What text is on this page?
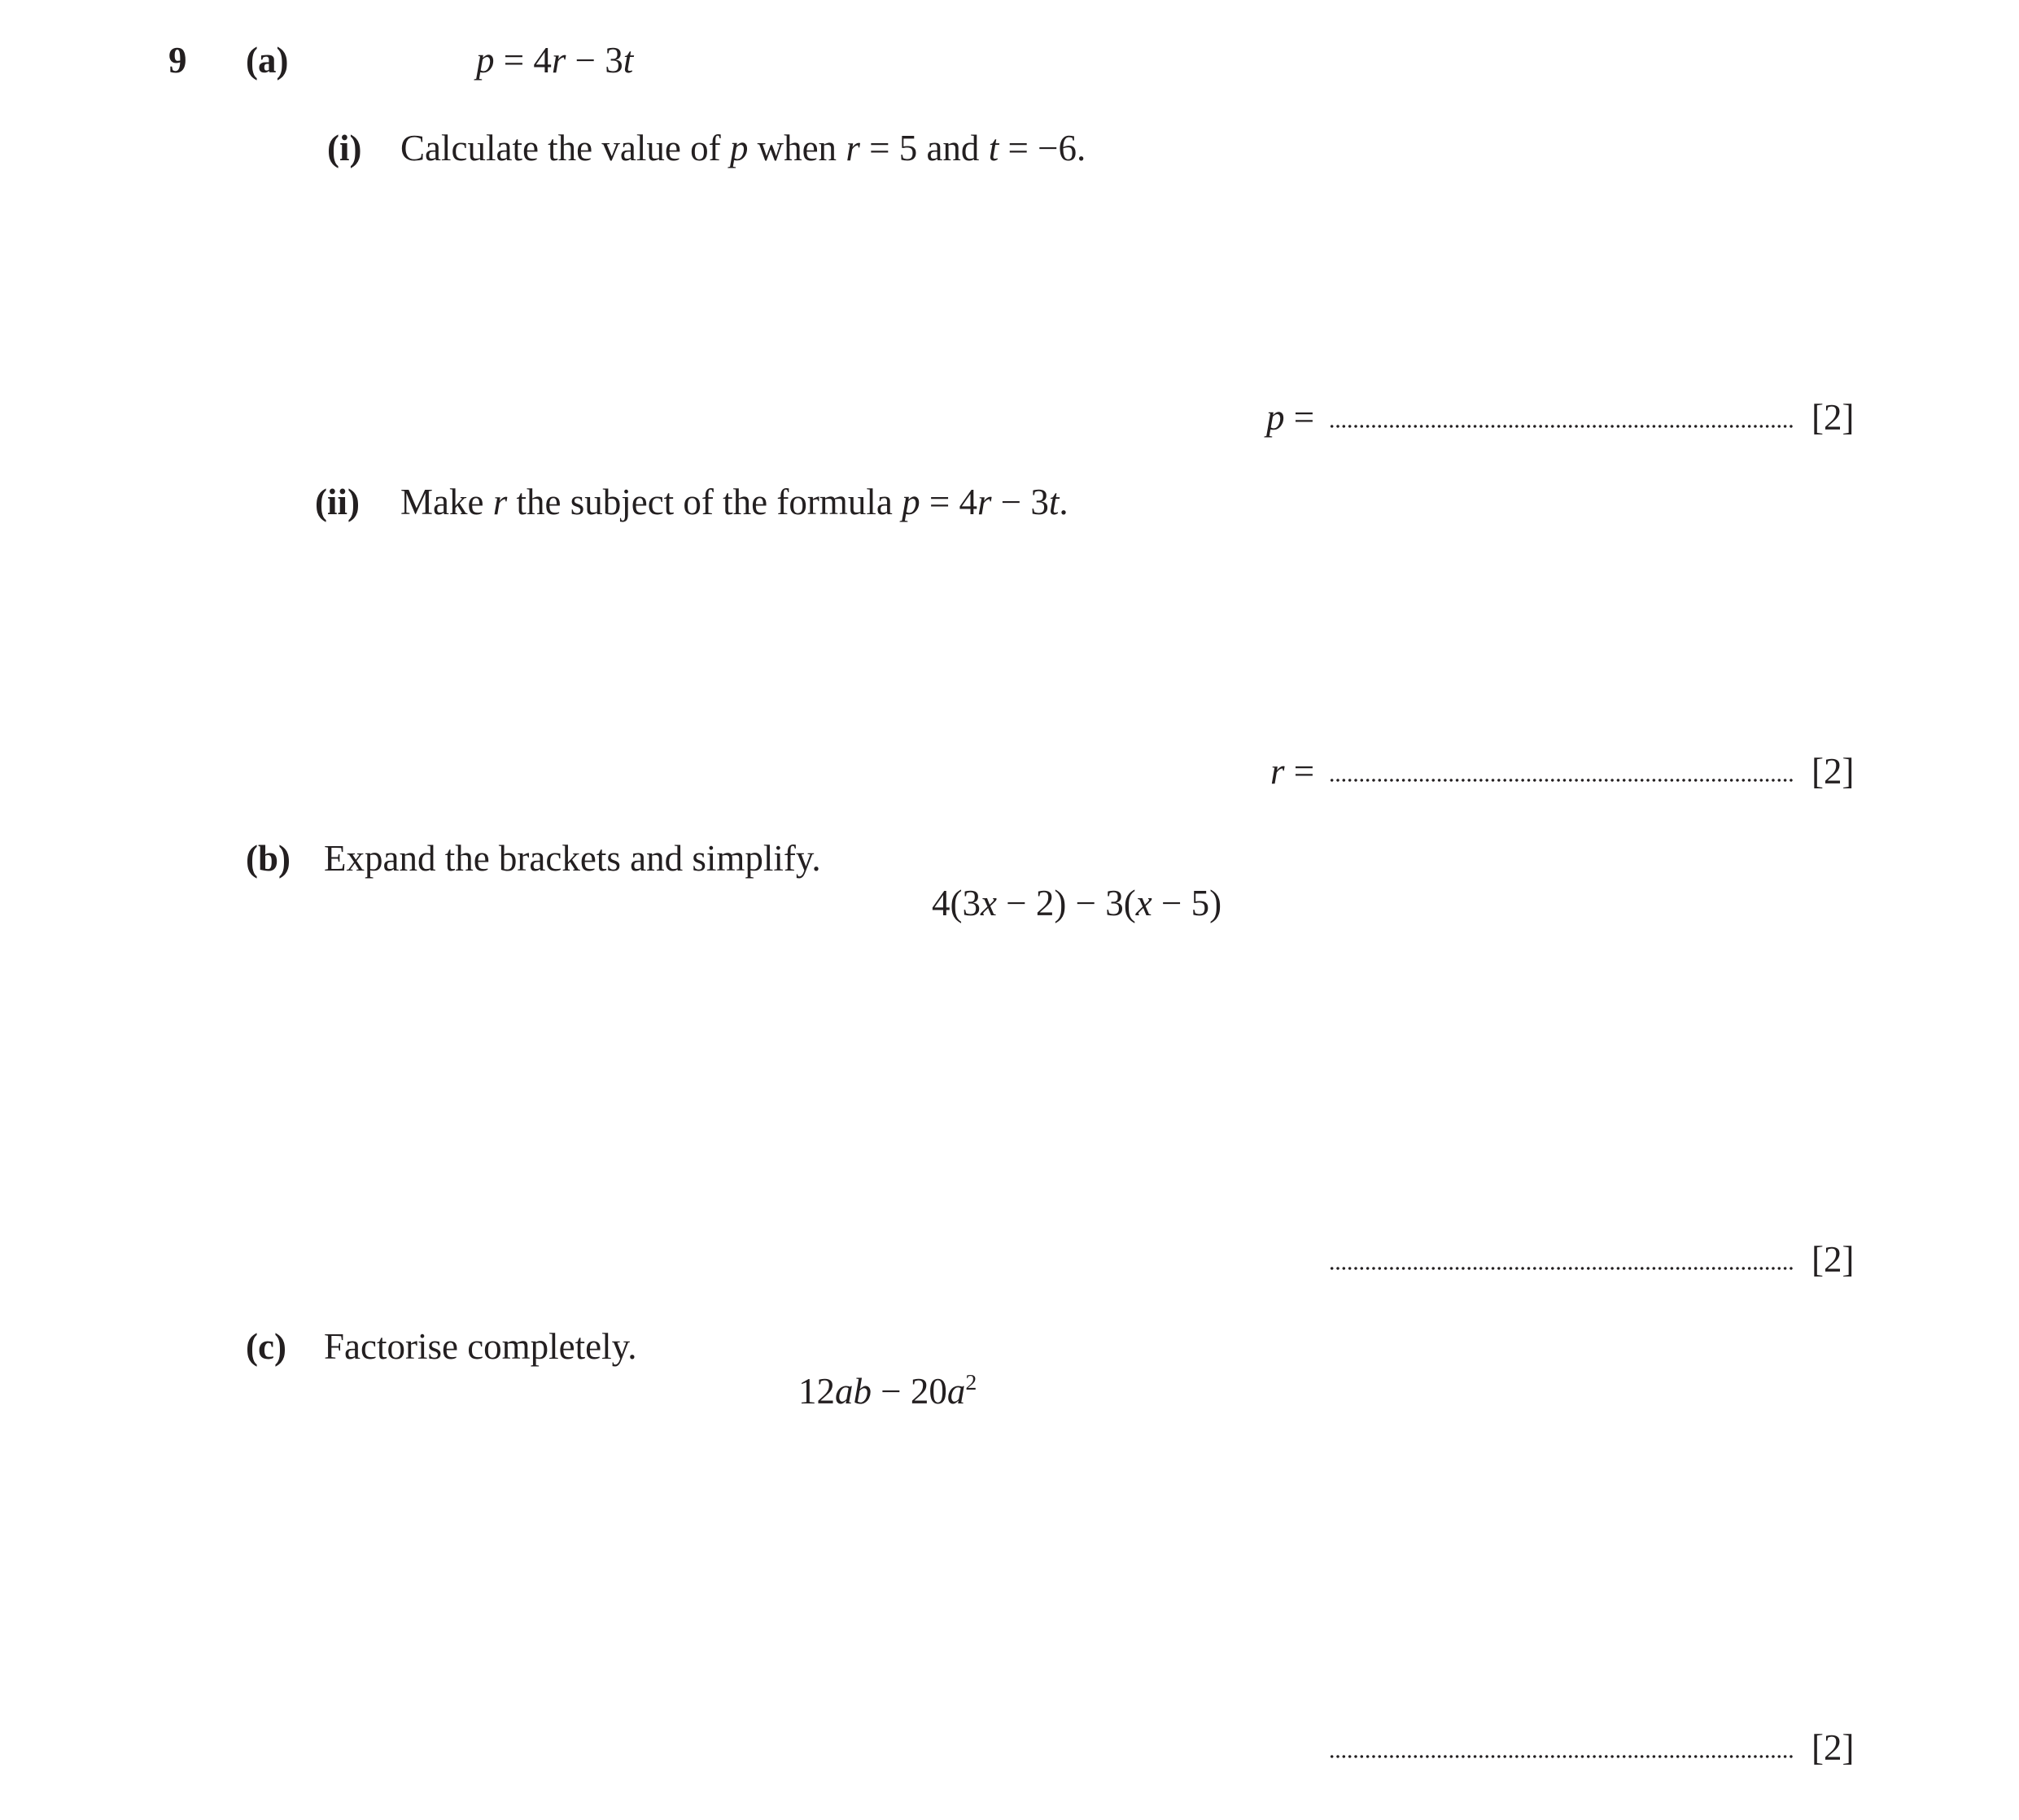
9 (a)	p = 4r − 3t
(i) Calculate the value of p when r = 5 and t = −6.
p =	[2]
(ii) Make r the subject of the formula p = 4r − 3t.
r =	[2]
(b) Expand the brackets and simplify.
4(3x − 2) − 3(x − 5)
[2]
(c) Factorise completely.
$12ab - 20a^2$
[2]
